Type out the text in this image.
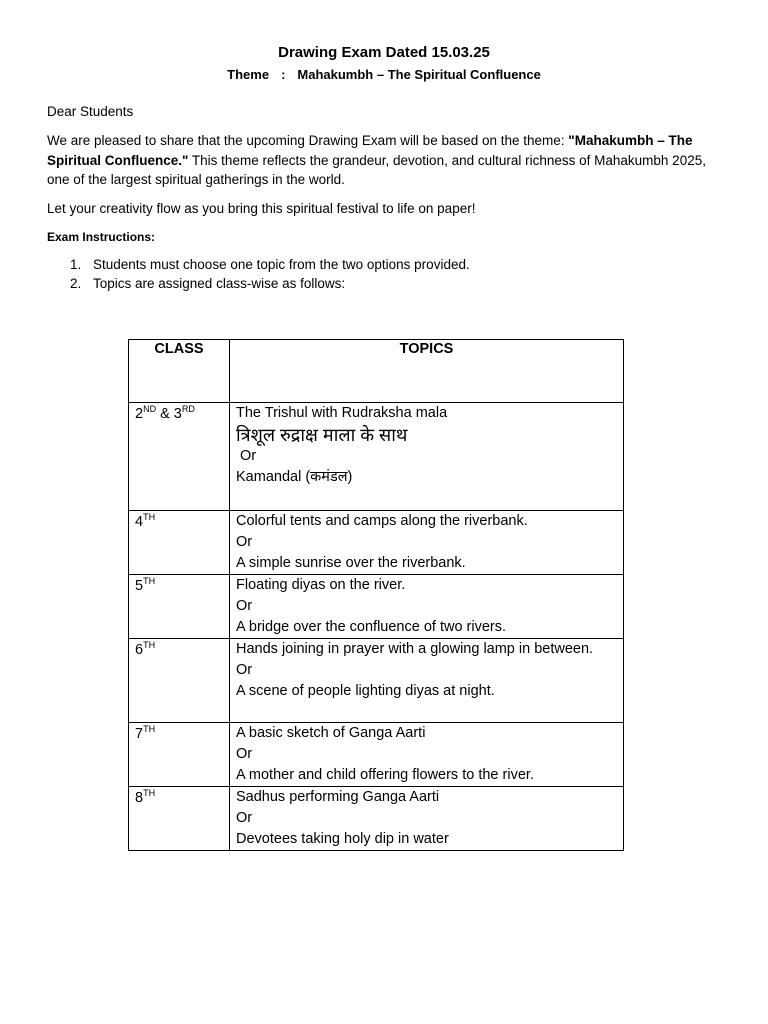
Drawing Exam Dated 15.03.25
Theme : Mahakumbh – The Spiritual Confluence
Dear Students
We are pleased to share that the upcoming Drawing Exam will be based on the theme: "Mahakumbh – The Spiritual Confluence." This theme reflects the grandeur, devotion, and cultural richness of Mahakumbh 2025, one of the largest spiritual gatherings in the world.
Let your creativity flow as you bring this spiritual festival to life on paper!
Exam Instructions:
1. Students must choose one topic from the two options provided.
2. Topics are assigned class-wise as follows:
CLASS	TOPICS
2ND & 3RD	The Trishul with Rudraksha mala
त्रिशूल रुद्राक्ष माला के साथ
Or
Kamandal (कमंडल)

4TH	Colorful tents and camps along the riverbank.
Or
A simple sunrise over the riverbank.

5TH	Floating diyas on the river.
Or
A bridge over the confluence of two rivers.

6TH	Hands joining in prayer with a glowing lamp in between.
Or
A scene of people lighting diyas at night.

7TH	A basic sketch of Ganga Aarti
Or
A mother and child offering flowers to the river.

8TH	Sadhus performing Ganga Aarti
Or
Devotees taking holy dip in water
